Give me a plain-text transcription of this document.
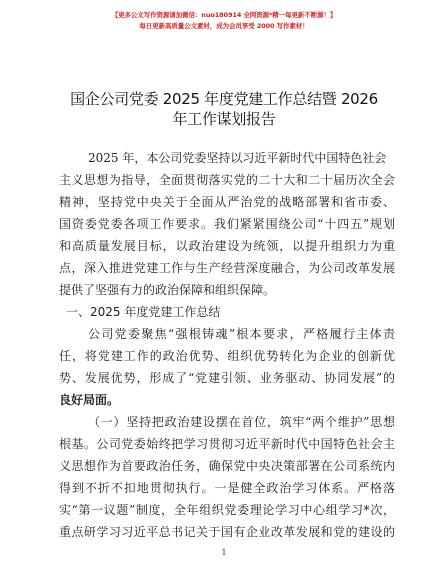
【更多公文写作资源请加微信：nuo180914 全网资源*精一每更新不断源！】
每日更新高质量公文素材，成为会员享受 2000 写作素材！
国企公司党委 2025 年度党建工作总结暨 2026
年工作谋划报告
2025 年，本公司党委坚持以习近平新时代中国特色社会
主义思想为指导，全面贯彻落实党的二十大和二十届历次全会
精神，坚持党中央关于全面从严治党的战略部署和省市委、
国资委党委各项工作要求。我们紧紧围绕公司“十四五”规划
和高质量发展目标，以政治建设为统领，以提升组织力为重
点，深入推进党建工作与生产经营深度融合，为公司改革发展
提供了坚强有力的政治保障和组织保障。
一、2025 年度党建工作总结
公司党委聚焦“强根铸魂”根本要求，严格履行主体责
任，将党建工作的政治优势、组织优势转化为企业的创新优
势、发展优势，形成了“党建引领、业务驱动、协同发展”的
良好局面。
（一）坚持把政治建设摆在首位，筑牢“两个维护”思想
根基。公司党委始终把学习贯彻习近平新时代中国特色社会主
义思想作为首要政治任务，确保党中央决策部署在公司系统内
得到不折不扣地贯彻执行。一是健全政治学习体系。严格落
实“第一议题”制度，全年组织党委理论学习中心组学习*次，
重点研学习习近平总书记关于国有企业改革发展和党的建设的
1
